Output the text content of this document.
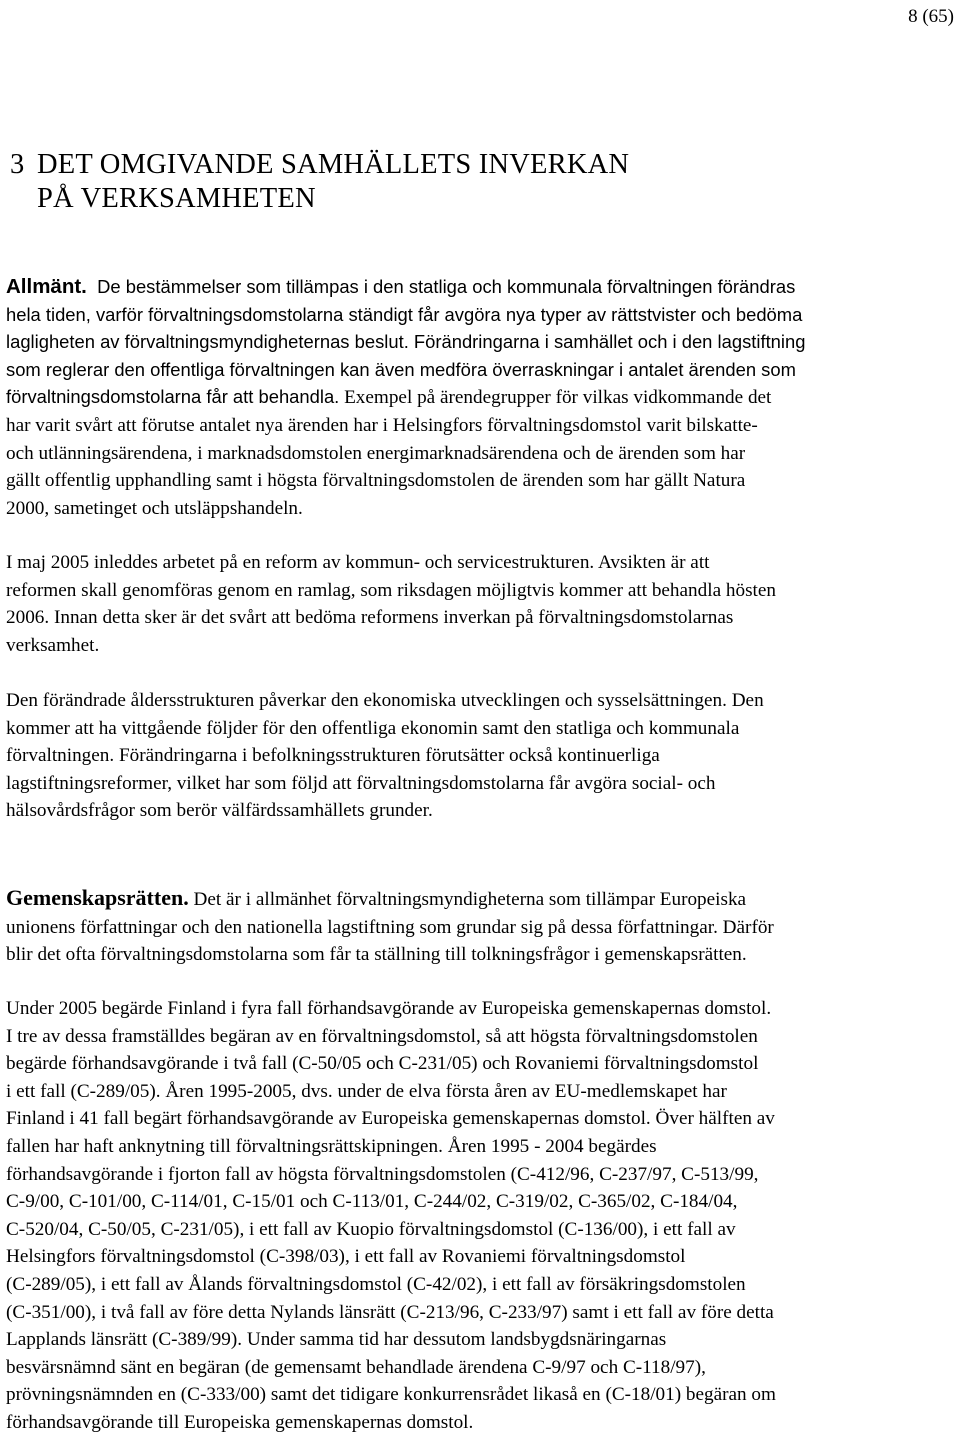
8 (65)
3 DET OMGIVANDE SAMHÄLLETS INVERKAN
PÅ VERKSAMHETEN
Allmänt. De bestämmelser som tillämpas i den statliga och kommunala förvaltningen förändras
hela tiden, varför förvaltningsdomstolarna ständigt får avgöra nya typer av rättstvister och bedöma
lagligheten av förvaltningsmyndigheternas beslut. Förändringarna i samhället och i den lagstiftning
som reglerar den offentliga förvaltningen kan även medföra överraskningar i antalet ärenden som
förvaltningsdomstolarna får att behandla. Exempel på ärendegrupper för vilkas vidkommande det
har varit svårt att förutse antalet nya ärenden har i Helsingfors förvaltningsdomstol varit bilskatte-
och utlänningsärendena, i marknadsdomstolen energimarknadsärendena och de ärenden som har
gällt offentlig upphandling samt i högsta förvaltningsdomstolen de ärenden som har gällt Natura
2000, sametinget och utsläppshandeln.
I maj 2005 inleddes arbetet på en reform av kommun- och servicestrukturen. Avsikten är att
reformen skall genomföras genom en ramlag, som riksdagen möjligtvis kommer att behandla hösten
2006. Innan detta sker är det svårt att bedöma reformens inverkan på förvaltningsdomstolarnas
verksamhet.
Den förändrade åldersstrukturen påverkar den ekonomiska utvecklingen och sysselsättningen. Den
kommer att ha vittgående följder för den offentliga ekonomin samt den statliga och kommunala
förvaltningen. Förändringarna i befolkningsstrukturen förutsätter också kontinuerliga
lagstiftningsreformer, vilket har som följd att förvaltningsdomstolarna får avgöra social- och
hälsovårdsfrågor som berör välfärdssamhällets grunder.
Gemenskapsrätten. Det är i allmänhet förvaltningsmyndigheterna som tillämpar Europeiska
unionens författningar och den nationella lagstiftning som grundar sig på dessa författningar. Därför
blir det ofta förvaltningsdomstolarna som får ta ställning till tolkningsfrågor i gemenskapsrätten.
Under 2005 begärde Finland i fyra fall förhandsavgörande av Europeiska gemenskapernas domstol.
I tre av dessa framställdes begäran av en förvaltningsdomstol, så att högsta förvaltningsdomstolen
begärde förhandsavgörande i två fall (C-50/05 och C-231/05) och Rovaniemi förvaltningsdomstol
i ett fall (C-289/05). Åren 1995-2005, dvs. under de elva första åren av EU-medlemskapet har
Finland i 41 fall begärt förhandsavgörande av Europeiska gemenskapernas domstol. Över hälften av
fallen har haft anknytning till förvaltningsrättskipningen. Åren 1995 - 2004 begärdes
förhandsavgörande i fjorton fall av högsta förvaltningsdomstolen (C-412/96, C-237/97, C-513/99,
C-9/00, C-101/00, C-114/01, C-15/01 och C-113/01, C-244/02, C-319/02, C-365/02, C-184/04,
C-520/04, C-50/05, C-231/05), i ett fall av Kuopio förvaltningsdomstol (C-136/00), i ett fall av
Helsingfors förvaltningsdomstol (C-398/03), i ett fall av Rovaniemi förvaltningsdomstol
(C-289/05), i ett fall av Ålands förvaltningsdomstol (C-42/02), i ett fall av försäkringsdomstolen
(C-351/00), i två fall av före detta Nylands länsrätt (C-213/96, C-233/97) samt i ett fall av före detta
Lapplands länsrätt (C-389/99). Under samma tid har dessutom landsbygdsnäringarnas
besvärsnämnd sänt en begäran (de gemensamt behandlade ärendena C-9/97 och C-118/97),
prövningsnämnden en (C-333/00) samt det tidigare konkurrensrådet likaså en (C-18/01) begäran om
förhandsavgörande till Europeiska gemenskapernas domstol.
